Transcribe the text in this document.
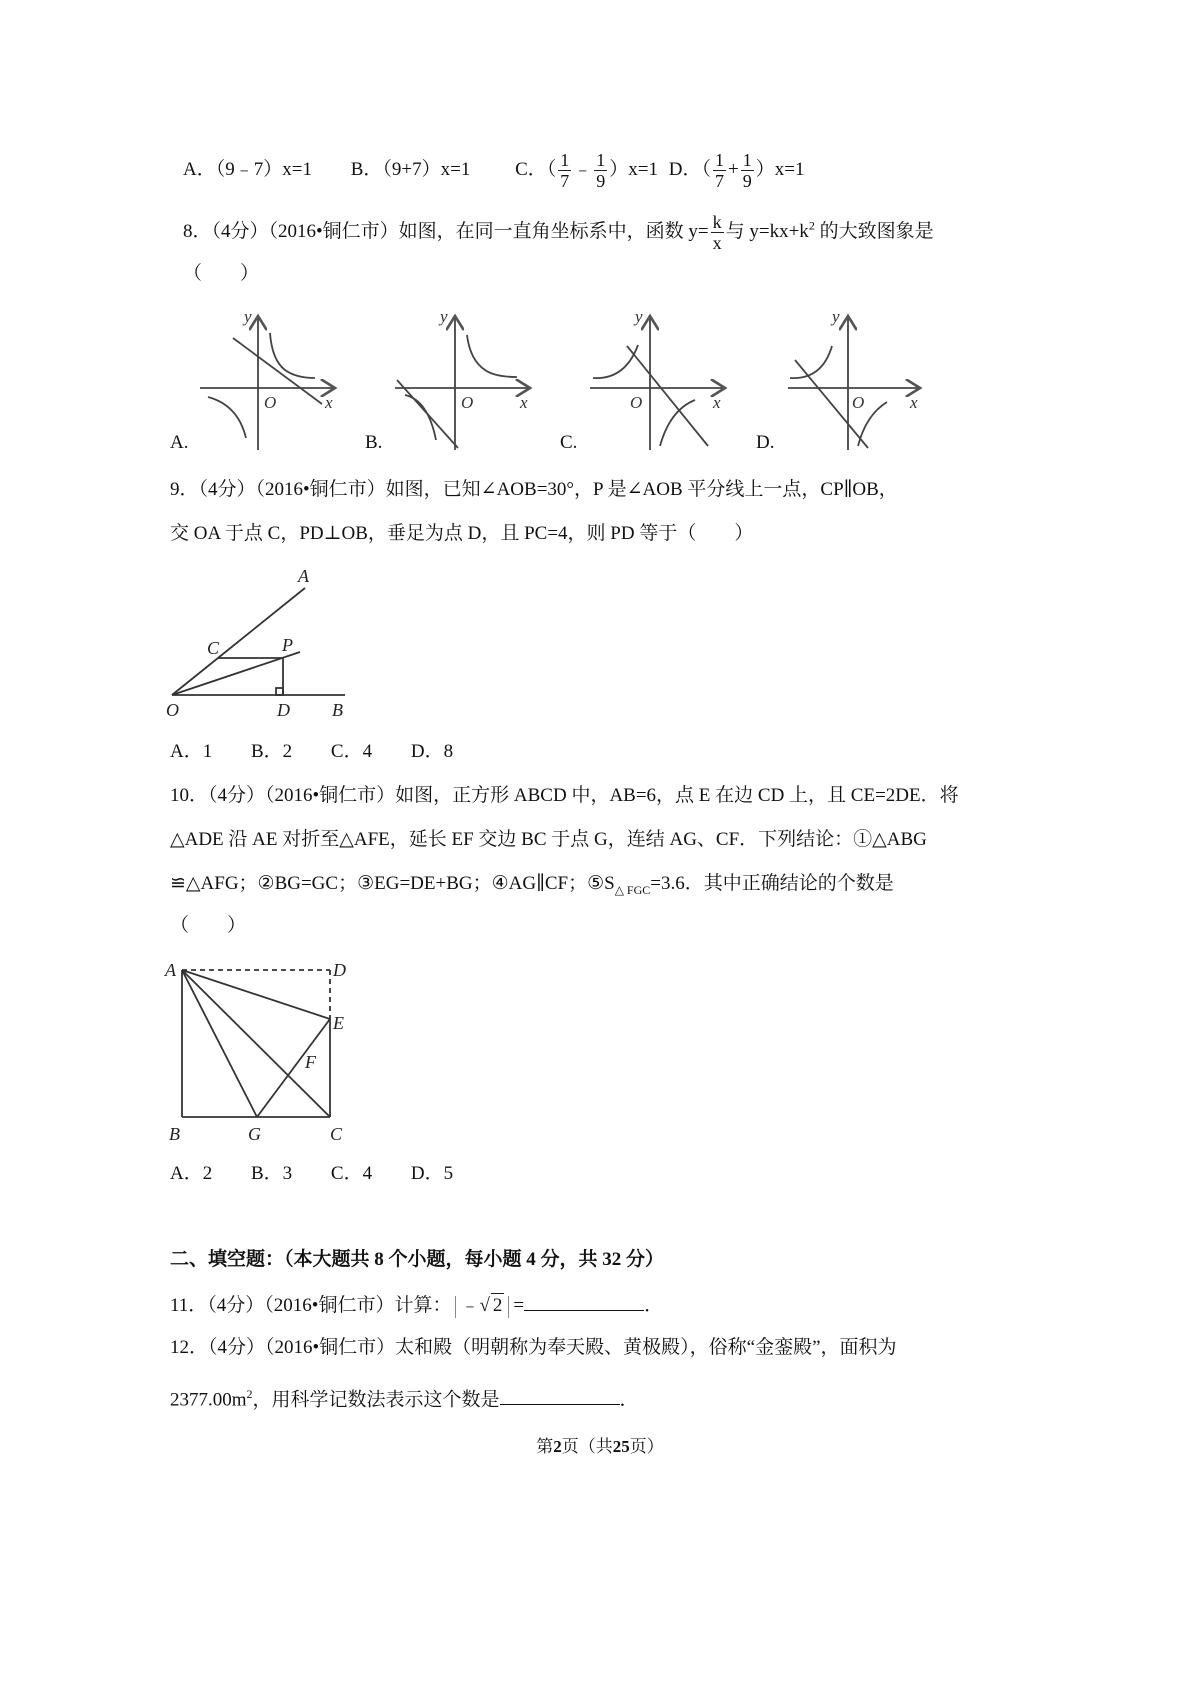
A．（9﹣7）x=1 B．（9+7）x=1 C．（ $\frac{1}{7}$ ﹣ $\frac{1}{9} )x=1$ D．（ $\frac{1}{7} + \frac{1}{9} )x=1$
8．（4分）（2016•铜仁市）如图，在同一直角坐标系中，函数 $y= \frac{k}{x}$ 与 $y=kx+k^2$ 的大致图象是
（　　）
y
O	x
y
O	x
y
O	x
y
O	x
A.	B.	C.	D.
9．（4分）（2016•铜仁市）如图，已知∠AOB=30°，P 是∠AOB 平分线上一点，CP∥OB，
交 OA 于点 C，PD⊥OB，垂足为点 D，且 PC=4，则 PD 等于（　　）
A
C	P
O	D B
A．1 B．2 C．4 D．8
10．（4分）（2016•铜仁市）如图，正方形 ABCD 中，AB=6，点 E 在边 CD 上，且 CE=2DE．将
△ADE 沿 AE 对折至△AFE，延长 EF 交边 BC 于点 G，连结 AG、CF．下列结论：①△ABG
≌△AFG；②BG=GC；③EG=DE+BG；④AG∥CF；$⑤S_{\triangle FGC}=3.6$．其中正确结论的个数是
（　　）
A	D
E
F
B	G	C
A．2 B．3 C．4 D．5
二、填空题：（本大题共 8 个小题，每小题 4 分，共 32 分）
11．（4分）（2016•铜仁市）计算： ﹣√ 2 =	．
12．（4分）（2016•铜仁市）太和殿（明朝称为奉天殿、黄极殿），俗称“金銮殿”，面积为
$2377.00m^2$，用科学记数法表示这个数是	．
第2页（共25页）
